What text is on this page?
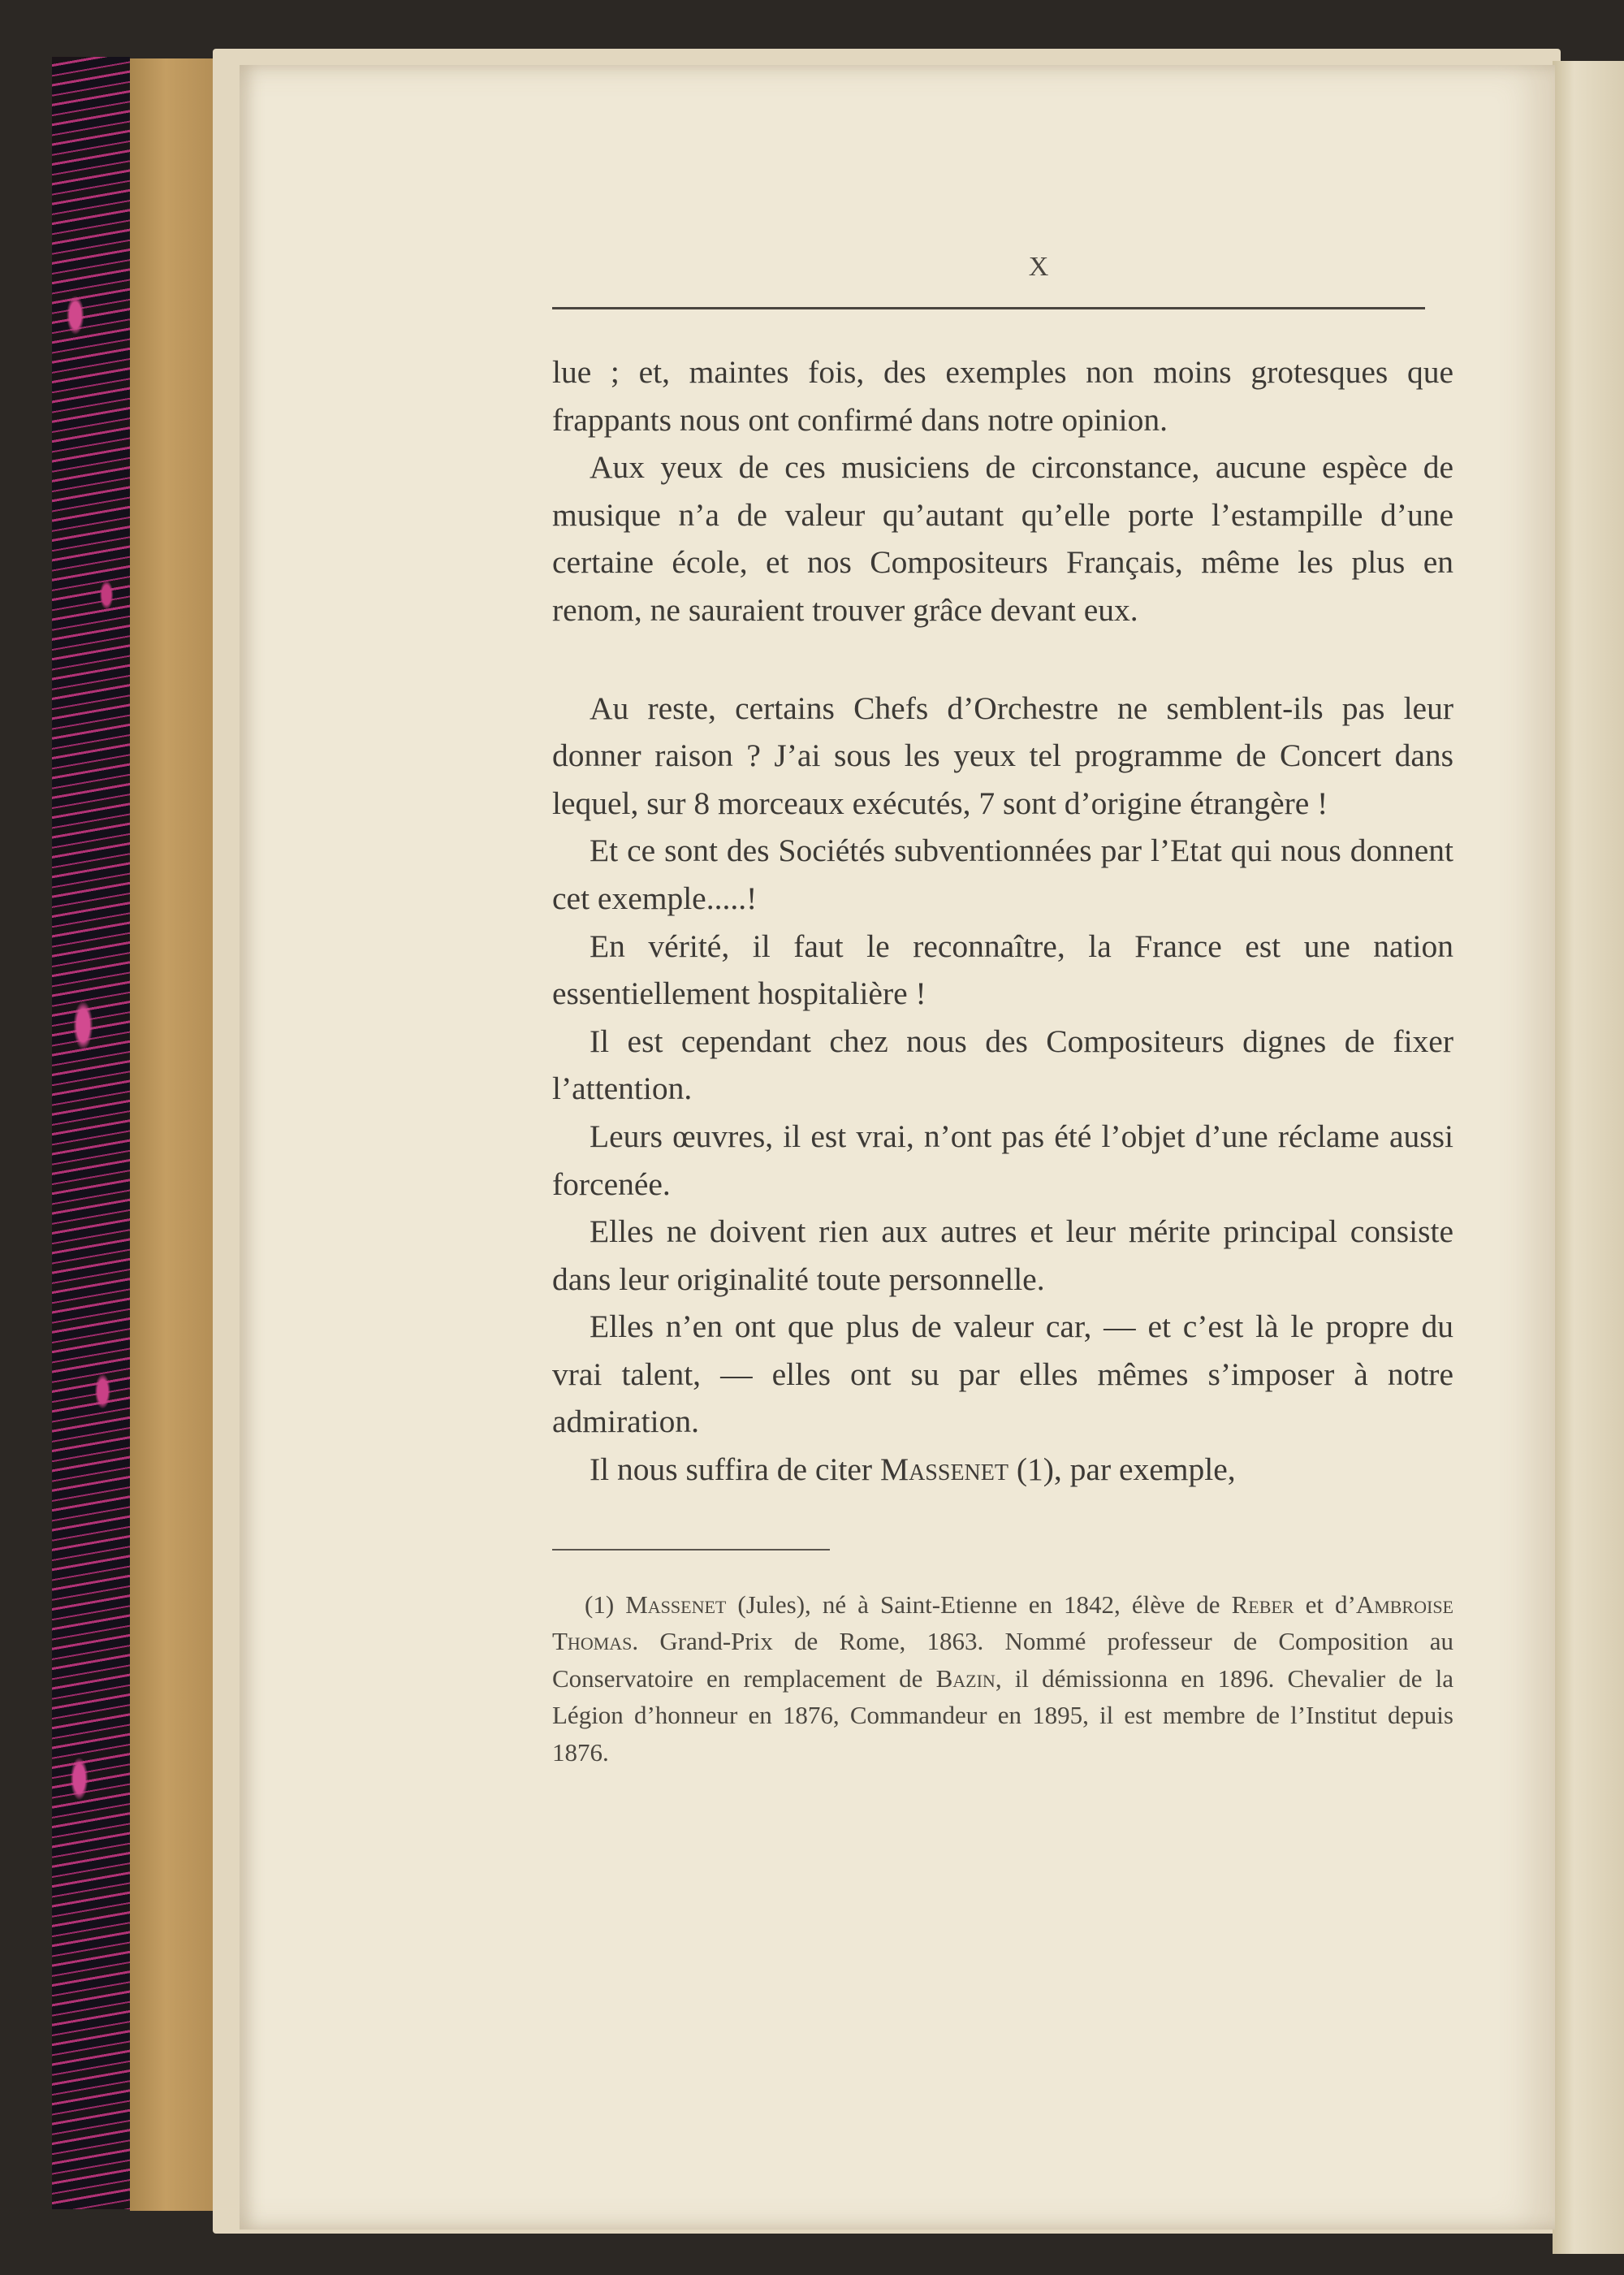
X

lue ; et, maintes fois, des exemples non moins grotesques que frappants nous ont confirmé dans notre opinion.

Aux yeux de ces musiciens de circonstance, aucune espèce de musique n’a de valeur qu’autant qu’elle porte l’estampille d’une certaine école, et nos Compositeurs Français, même les plus en renom, ne sauraient trouver grâce devant eux.

Au reste, certains Chefs d’Orchestre ne semblent-ils pas leur donner raison ? J’ai sous les yeux tel programme de Concert dans lequel, sur 8 morceaux exécutés, 7 sont d’origine étrangère !

Et ce sont des Sociétés subventionnées par l’Etat qui nous donnent cet exemple.....!

En vérité, il faut le reconnaître, la France est une nation essentiellement hospitalière !

Il est cependant chez nous des Compositeurs dignes de fixer l’attention.

Leurs œuvres, il est vrai, n’ont pas été l’objet d’une réclame aussi forcenée.

Elles ne doivent rien aux autres et leur mérite principal consiste dans leur originalité toute personnelle.

Elles n’en ont que plus de valeur car, — et c’est là le propre du vrai talent, — elles ont su par elles mêmes s’imposer à notre admiration.

Il nous suffira de citer Massenet (1), par exemple,

(1) Massenet (Jules), né à Saint-Etienne en 1842, élève de Reber et d’Ambroise Thomas. Grand-Prix de Rome, 1863. Nommé professeur de Composition au Conservatoire en remplacement de Bazin, il démissionna en 1896. Chevalier de la Légion d’honneur en 1876, Commandeur en 1895, il est membre de l’Institut depuis 1876.
